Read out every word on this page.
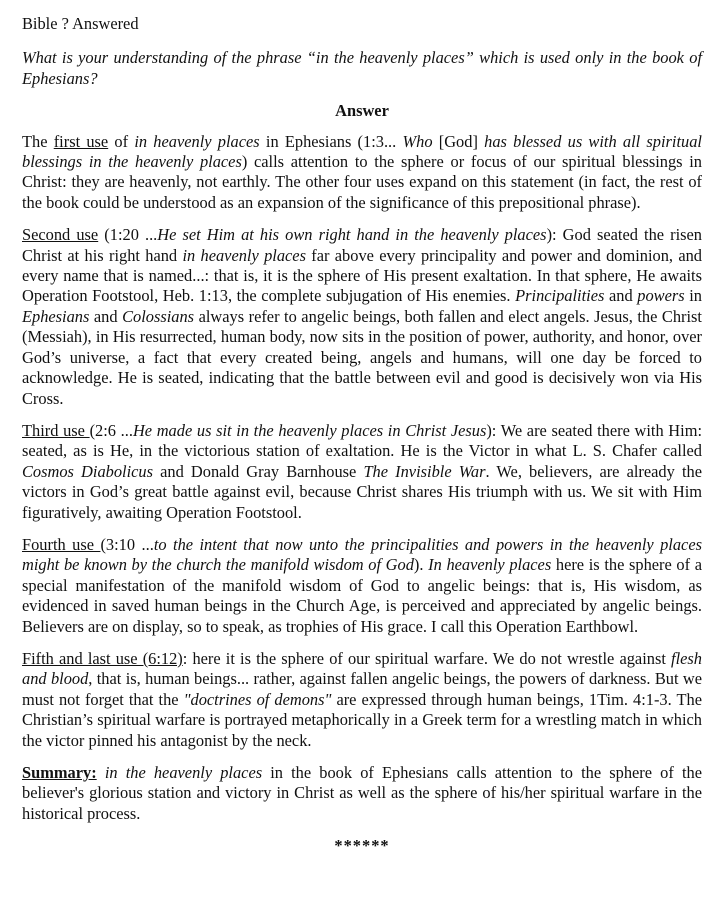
Bible ? Answered
What is your understanding of the phrase “in the heavenly places” which is used only in the book of Ephesians?
Answer

The first use of in heavenly places in Ephesians (1:3... Who [God] has blessed us with all spiritual blessings in the heavenly places) calls attention to the sphere or focus of our spiritual blessings in Christ: they are heavenly, not earthly. The other four uses expand on this statement (in fact, the rest of the book could be understood as an expansion of the significance of this prepositional phrase).

Second use (1:20 ...He set Him at his own right hand in the heavenly places): God seated the risen Christ at his right hand in heavenly places far above every principality and power and dominion, and every name that is named...: that is, it is the sphere of His present exaltation. In that sphere, He awaits Operation Footstool, Heb. 1:13, the complete subjugation of His enemies. Principalities and powers in Ephesians and Colossians always refer to angelic beings, both fallen and elect angels. Jesus, the Christ (Messiah), in His resurrected, human body, now sits in the position of power, authority, and honor, over God’s universe, a fact that every created being, angels and humans, will one day be forced to acknowledge. He is seated, indicating that the battle between evil and good is decisively won via His Cross.

Third use (2:6 ...He made us sit in the heavenly places in Christ Jesus): We are seated there with Him: seated, as is He, in the victorious station of exaltation. He is the Victor in what L. S. Chafer called Cosmos Diabolicus and Donald Gray Barnhouse The Invisible War. We, believers, are already the victors in God’s great battle against evil, because Christ shares His triumph with us. We sit with Him figuratively, awaiting Operation Footstool.

Fourth use (3:10 ...to the intent that now unto the principalities and powers in the heavenly places might be known by the church the manifold wisdom of God). In heavenly places here is the sphere of a special manifestation of the manifold wisdom of God to angelic beings: that is, His wisdom, as evidenced in saved human beings in the Church Age, is perceived and appreciated by angelic beings. Believers are on display, so to speak, as trophies of His grace. I call this Operation Earthbowl.

Fifth and last use (6:12): here it is the sphere of our spiritual warfare. We do not wrestle against flesh and blood, that is, human beings... rather, against fallen angelic beings, the powers of darkness. But we must not forget that the "doctrines of demons" are expressed through human beings, 1Tim. 4:1-3. The Christian’s spiritual warfare is portrayed metaphorically in a Greek term for a wrestling match in which the victor pinned his antagonist by the neck.

Summary: in the heavenly places in the book of Ephesians calls attention to the sphere of the believer's glorious station and victory in Christ as well as the sphere of his/her spiritual warfare in the historical process.

******
